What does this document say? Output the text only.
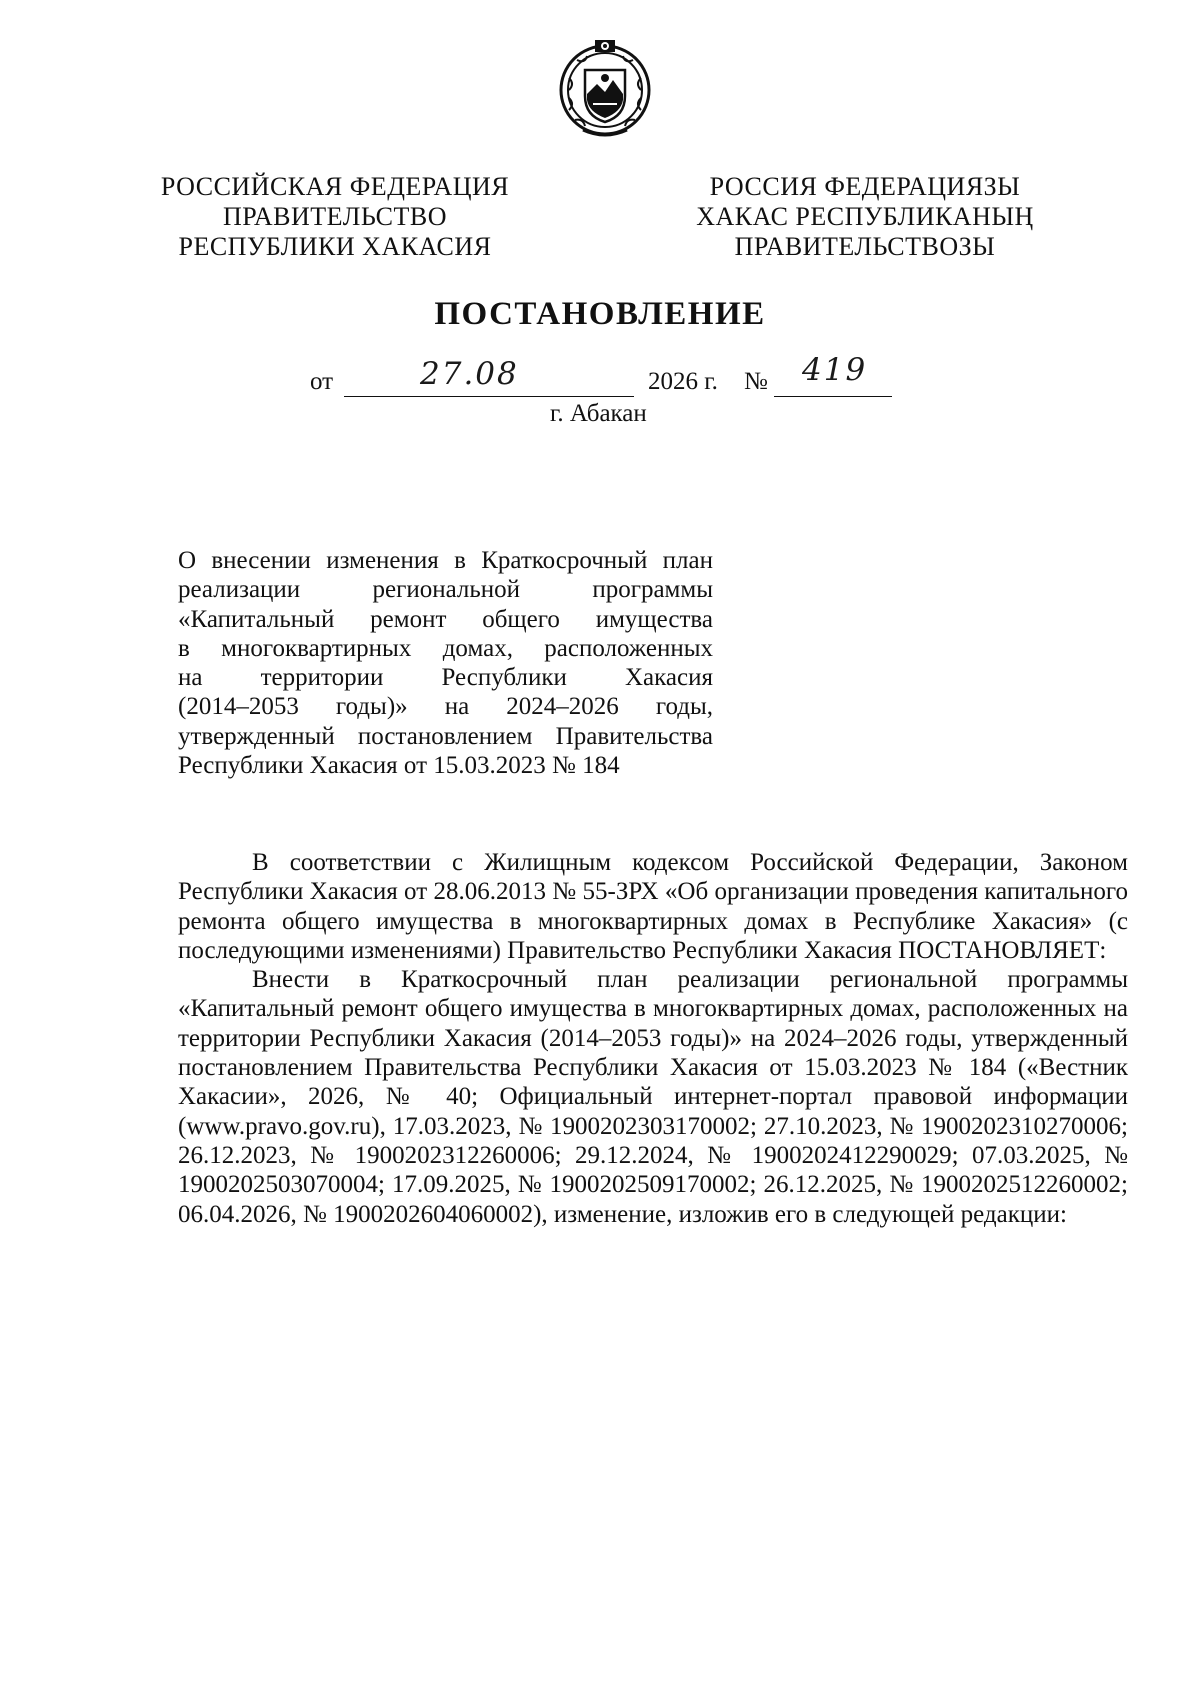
РОССИЙСКАЯ ФЕДЕРАЦИЯ
ПРАВИТЕЛЬСТВО
РЕСПУБЛИКИ ХАКАСИЯ
РОССИЯ ФЕДЕРАЦИЯЗЫ
ХАКАС РЕСПУБЛИКАНЫҢ
ПРАВИТЕЛЬСТВОЗЫ
ПОСТАНОВЛЕНИЕ
от	27.08	2026 г. № 419
г. Абакан
О внесении изменения в Краткосрочный план
реализации региональной программы
«Капитальный ремонт общего имущества
в многоквартирных домах, расположенных
на территории Республики Хакасия
(2014–2053 годы)» на 2024–2026 годы,
утвержденный постановлением Правительства
Республики Хакасия от 15.03.2023 № 184

В соответствии с Жилищным кодексом Российской Федерации, Законом Республики Хакасия от 28.06.2013 № 55-ЗРХ «Об организации проведения капитального ремонта общего имущества в многоквартирных домах в Республике Хакасия» (с последующими изменениями) Правительство Республики Хакасия ПОСТАНОВЛЯЕТ:

Внести в Краткосрочный план реализации региональной программы «Капитальный ремонт общего имущества в многоквартирных домах, расположенных на территории Республики Хакасия (2014–2053 годы)» на 2024–2026 годы, утвержденный постановлением Правительства Республики Хакасия от 15.03.2023 № 184 («Вестник Хакасии», 2026, № 40; Официальный интернет-портал правовой информации (www.pravo.gov.ru), 17.03.2023, № 1900202303170002; 27.10.2023, № 1900202310270006; 26.12.2023, № 1900202312260006; 29.12.2024, № 1900202412290029; 07.03.2025, № 1900202503070004; 17.09.2025, № 1900202509170002; 26.12.2025, № 1900202512260002; 06.04.2026, № 1900202604060002), изменение, изложив его в следующей редакции:
